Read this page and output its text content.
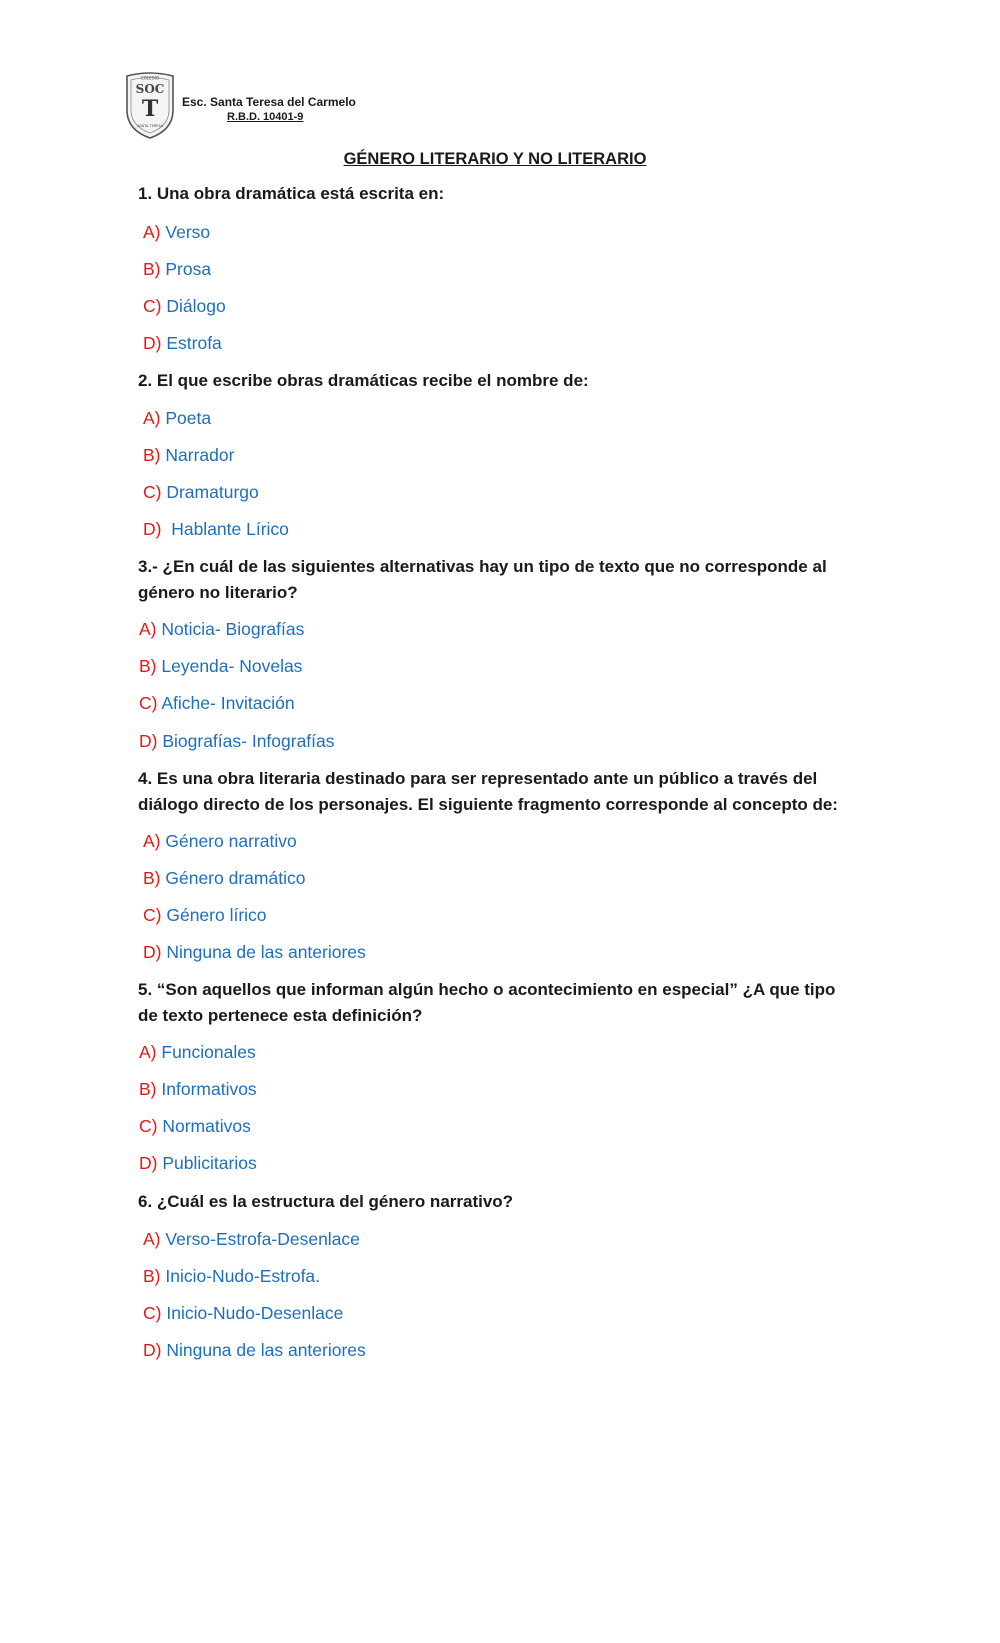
COLEGIO
SOC
T
SANTA TERESA
Esc. Santa Teresa del Carmelo
R.B.D. 10401-9
GÉNERO LITERARIO Y NO LITERARIO
1. Una obra dramática está escrita en:
A) Verso
B) Prosa
C) Diálogo
D) Estrofa
2. El que escribe obras dramáticas recibe el nombre de:
A) Poeta
B) Narrador
C) Dramaturgo
D)  Hablante Lírico
3.- ¿En cuál de las siguientes alternativas hay un tipo de texto que no corresponde al género no literario?
A) Noticia- Biografías
B) Leyenda- Novelas
C) Afiche- Invitación
D) Biografías- Infografías
4. Es una obra literaria destinado para ser representado ante un público a través del diálogo directo de los personajes. El siguiente fragmento corresponde al concepto de:
A) Género narrativo
B) Género dramático
C) Género lírico
D) Ninguna de las anteriores
5. “Son aquellos que informan algún hecho o acontecimiento en especial” ¿A que tipo de texto pertenece esta definición?
A) Funcionales
B) Informativos
C) Normativos
D) Publicitarios
6. ¿Cuál es la estructura del género narrativo?
A) Verso-Estrofa-Desenlace
B) Inicio-Nudo-Estrofa.
C) Inicio-Nudo-Desenlace
D) Ninguna de las anteriores
